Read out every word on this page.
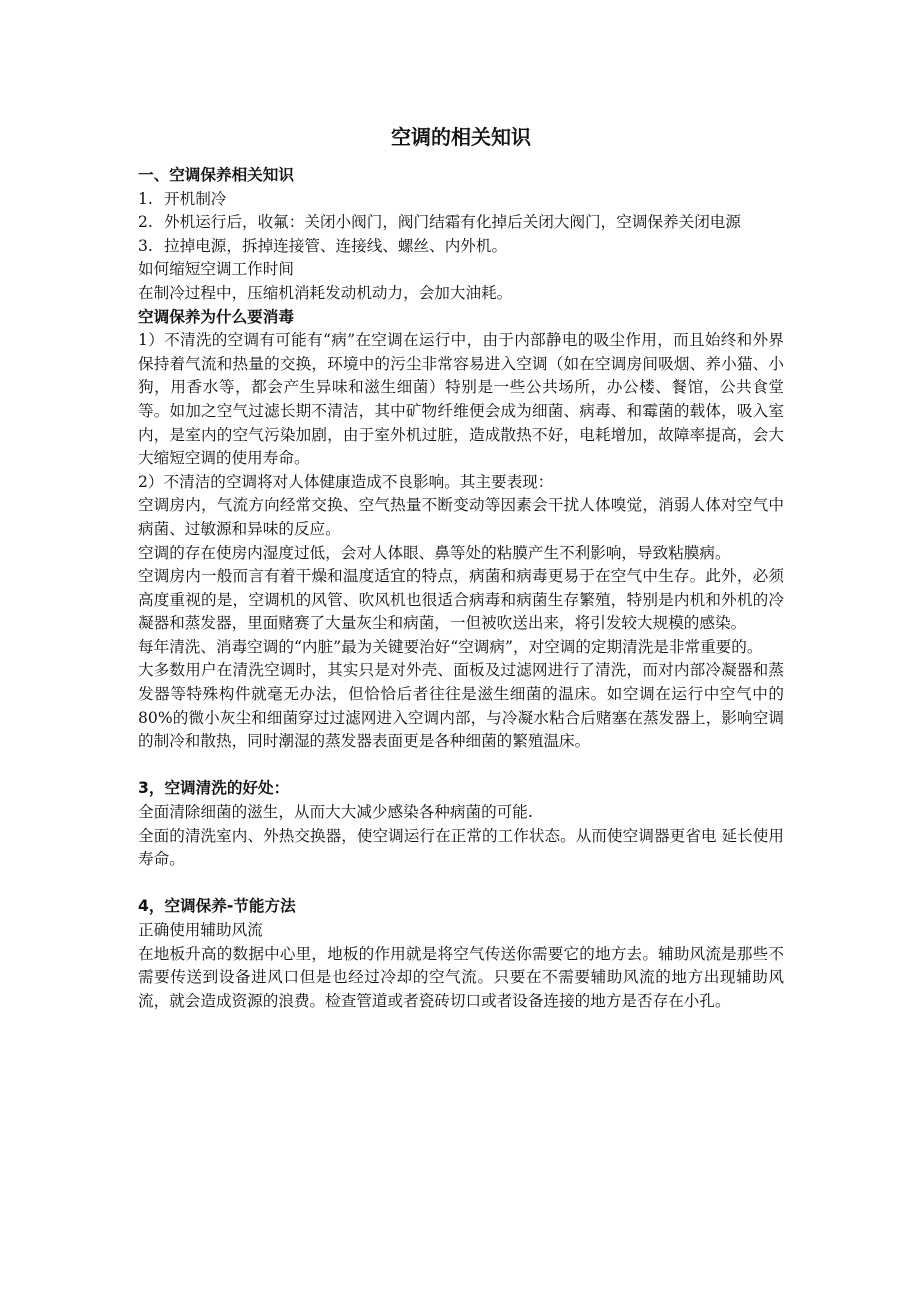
空调的相关知识
一、空调保养相关知识
1. 开机制冷
2. 外机运行后，收氟：关闭小阀门，阀门结霜有化掉后关闭大阀门，空调保养关闭电源
3. 拉掉电源，拆掉连接管、连接线、螺丝、内外机。

如何缩短空调工作时间

在制冷过程中，压缩机消耗发动机动力，会加大油耗。

空调保养为什么要消毒

1）不清洗的空调有可能有“病”在空调在运行中，由于内部静电的吸尘作用，而且始终和外界保持着气流和热量的交换，环境中的污尘非常容易进入空调（如在空调房间吸烟、养小猫、小狗，用香水等，都会产生异味和滋生细菌）特别是一些公共场所，办公楼、餐馆，公共食堂等。如加之空气过滤长期不清洁，其中矿物纤维便会成为细菌、病毒、和霉菌的载体，吸入室内，是室内的空气污染加剧，由于室外机过脏，造成散热不好，电耗增加，故障率提高，会大大缩短空调的使用寿命。

2）不清洁的空调将对人体健康造成不良影响。其主要表现：

空调房内，气流方向经常交换、空气热量不断变动等因素会干扰人体嗅觉，消弱人体对空气中病菌、过敏源和异味的反应。

空调的存在使房内湿度过低，会对人体眼、鼻等处的粘膜产生不利影响，导致粘膜病。

空调房内一般而言有着干燥和温度适宜的特点，病菌和病毒更易于在空气中生存。此外，必须高度重视的是，空调机的风管、吹风机也很适合病毒和病菌生存繁殖，特别是内机和外机的冷凝器和蒸发器，里面赌赛了大量灰尘和病菌，一但被吹送出来，将引发较大规模的感染。

每年清洗、消毒空调的“内脏”最为关键要治好“空调病”，对空调的定期清洗是非常重要的。

大多数用户在清洗空调时，其实只是对外壳、面板及过滤网进行了清洗，而对内部冷凝器和蒸发器等特殊构件就毫无办法，但恰恰后者往往是滋生细菌的温床。如空调在运行中空气中的 80%的微小灰尘和细菌穿过过滤网进入空调内部，与冷凝水粘合后赌塞在蒸发器上，影响空调的制冷和散热，同时潮湿的蒸发器表面更是各种细菌的繁殖温床。

3，空调清洗的好处：

全面清除细菌的滋生，从而大大减少感染各种病菌的可能.

全面的清洗室内、外热交换器，使空调运行在正常的工作状态。从而使空调器更省电 延长使用寿命。

4，空调保养-节能方法

正确使用辅助风流

在地板升高的数据中心里，地板的作用就是将空气传送你需要它的地方去。辅助风流是那些不需要传送到设备进风口但是也经过冷却的空气流。只要在不需要辅助风流的地方出现辅助风流，就会造成资源的浪费。检查管道或者瓷砖切口或者设备连接的地方是否存在小孔。
